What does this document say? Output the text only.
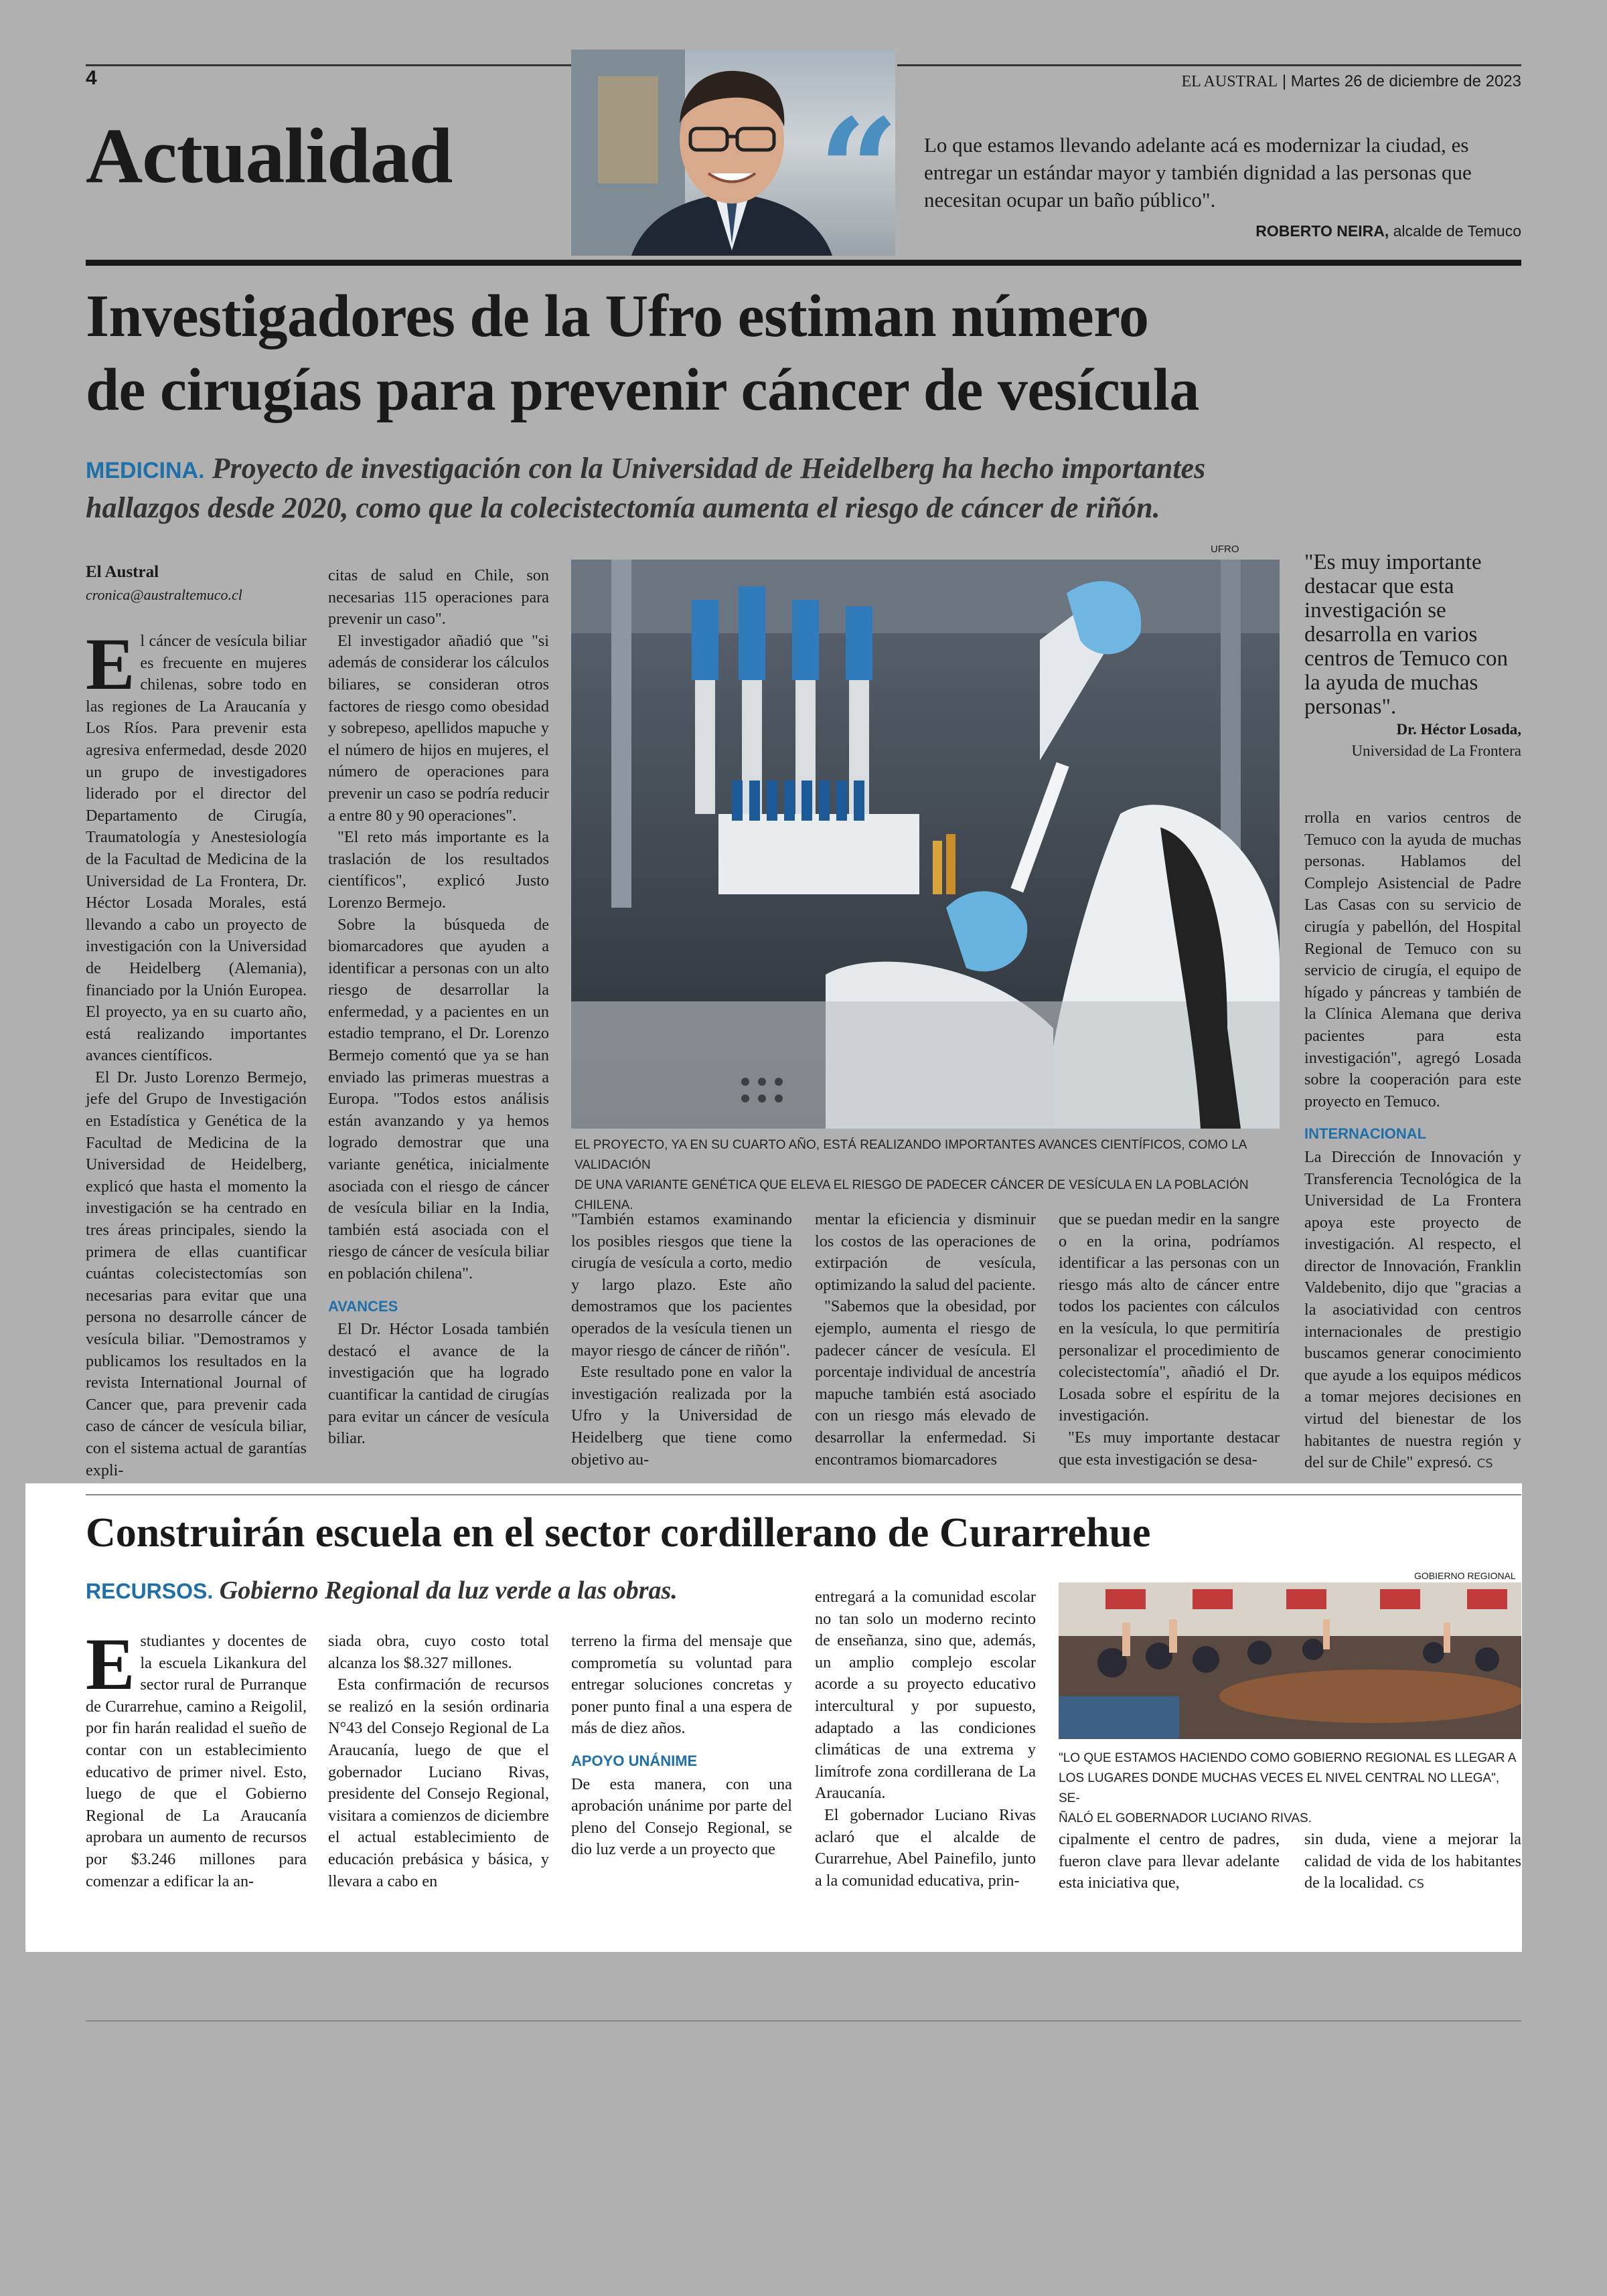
4
Actualidad
EL AUSTRAL | Martes 26 de diciembre de 2023
“ Lo que estamos llevando adelante acá es modernizar la ciudad, es entregar un estándar mayor y también dignidad a las personas que necesitan ocupar un baño público".
ROBERTO NEIRA, alcalde de Temuco
Investigadores de la Ufro estiman número
de cirugías para prevenir cáncer de vesícula
MEDICINA. Proyecto de investigación con la Universidad de Heidelberg ha hecho importantes
hallazgos desde 2020, como que la colecistectomía aumenta el riesgo de cáncer de riñón.
El Austral
cronica@australtemuco.cl

El cáncer de vesícula biliar es frecuente en mujeres chilenas, sobre todo en las regiones de La Araucanía y Los Ríos. Para prevenir esta agresiva enfermedad, desde 2020 un grupo de investigadores liderado por el director del Departamento de Cirugía, Traumatología y Anestesiología de la Facultad de Medicina de la Universidad de La Frontera, Dr. Héctor Losada Morales, está llevando a cabo un proyecto de investigación con la Universidad de Heidelberg (Alemania), financiado por la Unión Europea. El proyecto, ya en su cuarto año, está realizando importantes avances científicos.

El Dr. Justo Lorenzo Bermejo, jefe del Grupo de Investigación en Estadística y Genética de la Facultad de Medicina de la Universidad de Heidelberg, explicó que hasta el momento la investigación se ha centrado en tres áreas principales, siendo la primera de ellas cuantificar cuántas colecistectomías son necesarias para evitar que una persona no desarrolle cáncer de vesícula biliar. "Demostramos y publicamos los resultados en la revista International Journal of Cancer que, para prevenir cada caso de cáncer de vesícula biliar, con el sistema actual de garantías expli-

citas de salud en Chile, son necesarias 115 operaciones para prevenir un caso".

El investigador añadió que "si además de considerar los cálculos biliares, se consideran otros factores de riesgo como obesidad y sobrepeso, apellidos mapuche y el número de hijos en mujeres, el número de operaciones para prevenir un caso se podría reducir a entre 80 y 90 operaciones".

"El reto más importante es la traslación de los resultados científicos", explicó Justo Lorenzo Bermejo.

Sobre la búsqueda de biomarcadores que ayuden a identificar a personas con un alto riesgo de desarrollar la enfermedad, y a pacientes en un estadio temprano, el Dr. Lorenzo Bermejo comentó que ya se han enviado las primeras muestras a Europa. "Todos estos análisis están avanzando y ya hemos logrado demostrar que una variante genética, inicialmente asociada con el riesgo de cáncer de vesícula biliar en la India, también está asociada con el riesgo de cáncer de vesícula biliar en población chilena".

AVANCES

El Dr. Héctor Losada también destacó el avance de la investigación que ha logrado cuantificar la cantidad de cirugías para evitar un cáncer de vesícula biliar.

UFRO
EL PROYECTO, YA EN SU CUARTO AÑO, ESTÁ REALIZANDO IMPORTANTES AVANCES CIENTÍFICOS, COMO LA VALIDACIÓN
DE UNA VARIANTE GENÉTICA QUE ELEVA EL RIESGO DE PADECER CÁNCER DE VESÍCULA EN LA POBLACIÓN CHILENA.
"Es muy importante destacar que esta investigación se desarrolla en varios centros de Temuco con la ayuda de muchas personas".
Dr. Héctor Losada,
Universidad de La Frontera

"También estamos examinando los posibles riesgos que tiene la cirugía de vesícula a corto, medio y largo plazo. Este año demostramos que los pacientes operados de la vesícula tienen un mayor riesgo de cáncer de riñón".

Este resultado pone en valor la investigación realizada por la Ufro y la Universidad de Heidelberg que tiene como objetivo au-

mentar la eficiencia y disminuir los costos de las operaciones de extirpación de vesícula, optimizando la salud del paciente.

"Sabemos que la obesidad, por ejemplo, aumenta el riesgo de padecer cáncer de vesícula. El porcentaje individual de ancestría mapuche también está asociado con un riesgo más elevado de desarrollar la enfermedad. Si encontramos biomarcadores

que se puedan medir en la sangre o en la orina, podríamos identificar a las personas con un riesgo más alto de cáncer entre todos los pacientes con cálculos en la vesícula, lo que permitiría personalizar el procedimiento de colecistectomía", añadió el Dr. Losada sobre el espíritu de la investigación.

"Es muy importante destacar que esta investigación se desa-

rrolla en varios centros de Temuco con la ayuda de muchas personas. Hablamos del Complejo Asistencial de Padre Las Casas con su servicio de cirugía y pabellón, del Hospital Regional de Temuco con su servicio de cirugía, el equipo de hígado y páncreas y también de la Clínica Alemana que deriva pacientes para esta investigación", agregó Losada sobre la cooperación para este proyecto en Temuco.

INTERNACIONAL

La Dirección de Innovación y Transferencia Tecnológica de la Universidad de La Frontera apoya este proyecto de investigación. Al respecto, el director de Innovación, Franklin Valdebenito, dijo que "gracias a la asociatividad con centros internacionales de prestigio buscamos generar conocimiento que ayude a los equipos médicos a tomar mejores decisiones en virtud del bienestar de los habitantes de nuestra región y del sur de Chile" expresó. CS

Construirán escuela en el sector cordillerano de Curarrehue
RECURSOS. Gobierno Regional da luz verde a las obras.

Estudiantes y docentes de la escuela Likankura del sector rural de Purranque de Curarrehue, camino a Reigolil, por fin harán realidad el sueño de contar con un establecimiento educativo de primer nivel. Esto, luego de que el Gobierno Regional de La Araucanía aprobara un aumento de recursos por $3.246 millones para comenzar a edificar la an-

siada obra, cuyo costo total alcanza los $8.327 millones.

Esta confirmación de recursos se realizó en la sesión ordinaria N°43 del Consejo Regional de La Araucanía, luego de que el gobernador Luciano Rivas, presidente del Consejo Regional, visitara a comienzos de diciembre el actual establecimiento de educación prebásica y básica, y llevara a cabo en

terreno la firma del mensaje que comprometía su voluntad para entregar soluciones concretas y poner punto final a una espera de más de diez años.

APOYO UNÁNIME

De esta manera, con una aprobación unánime por parte del pleno del Consejo Regional, se dio luz verde a un proyecto que

entregará a la comunidad escolar no tan solo un moderno recinto de enseñanza, sino que, además, un amplio complejo escolar acorde a su proyecto educativo intercultural y por supuesto, adaptado a las condiciones climáticas de una extrema y limítrofe zona cordillerana de La Araucanía.

El gobernador Luciano Rivas aclaró que el alcalde de Curarrehue, Abel Painefilo, junto a la comunidad educativa, prin-

GOBIERNO REGIONAL
"LO QUE ESTAMOS HACIENDO COMO GOBIERNO REGIONAL ES LLEGAR A
LOS LUGARES DONDE MUCHAS VECES EL NIVEL CENTRAL NO LLEGA", SE-
ÑALÓ EL GOBERNADOR LUCIANO RIVAS.

cipalmente el centro de padres, fueron clave para llevar adelante esta iniciativa que,

sin duda, viene a mejorar la calidad de vida de los habitantes de la localidad. CS
